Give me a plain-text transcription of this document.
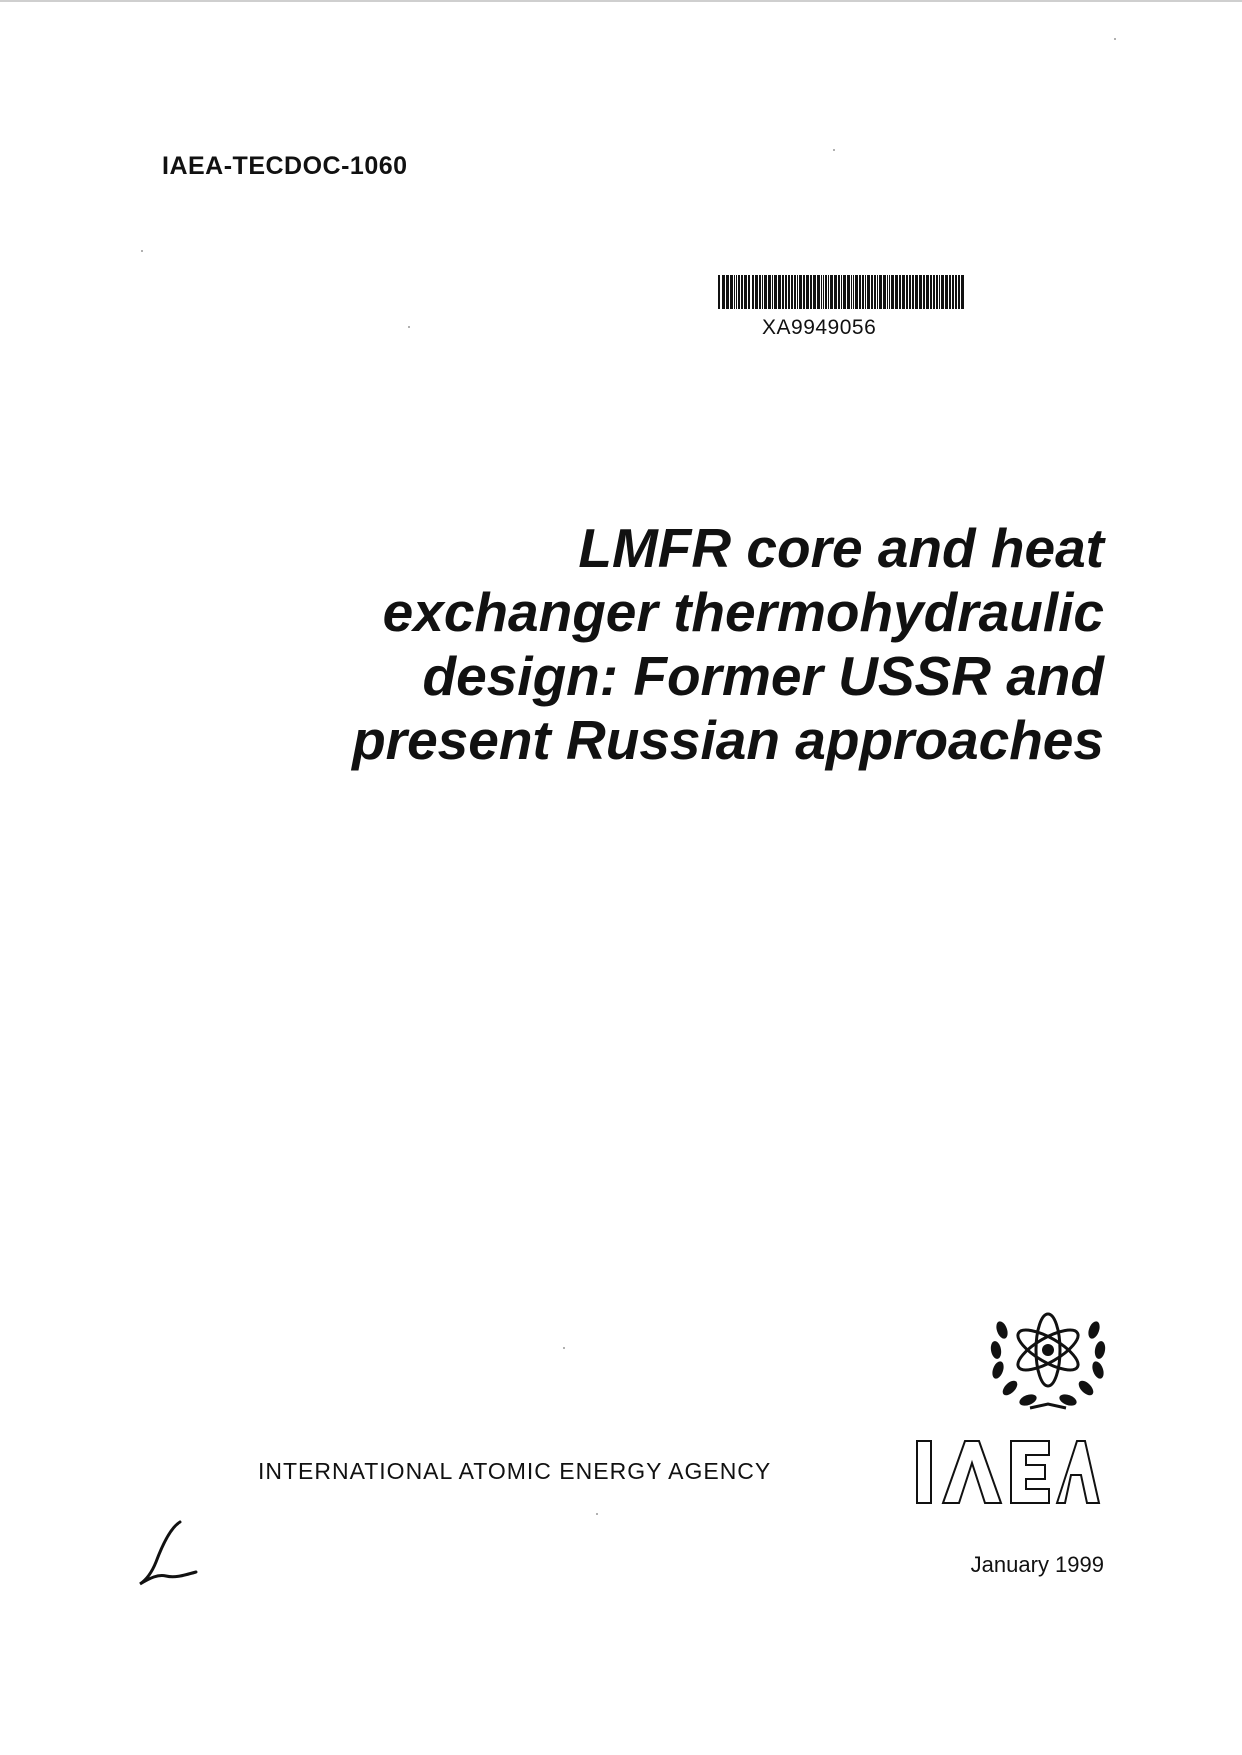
IAEA-TECDOC-1060
XA9949056
LMFR core and heat
exchanger thermohydraulic
design: Former USSR and
present Russian approaches
INTERNATIONAL ATOMIC ENERGY AGENCY
January 1999
